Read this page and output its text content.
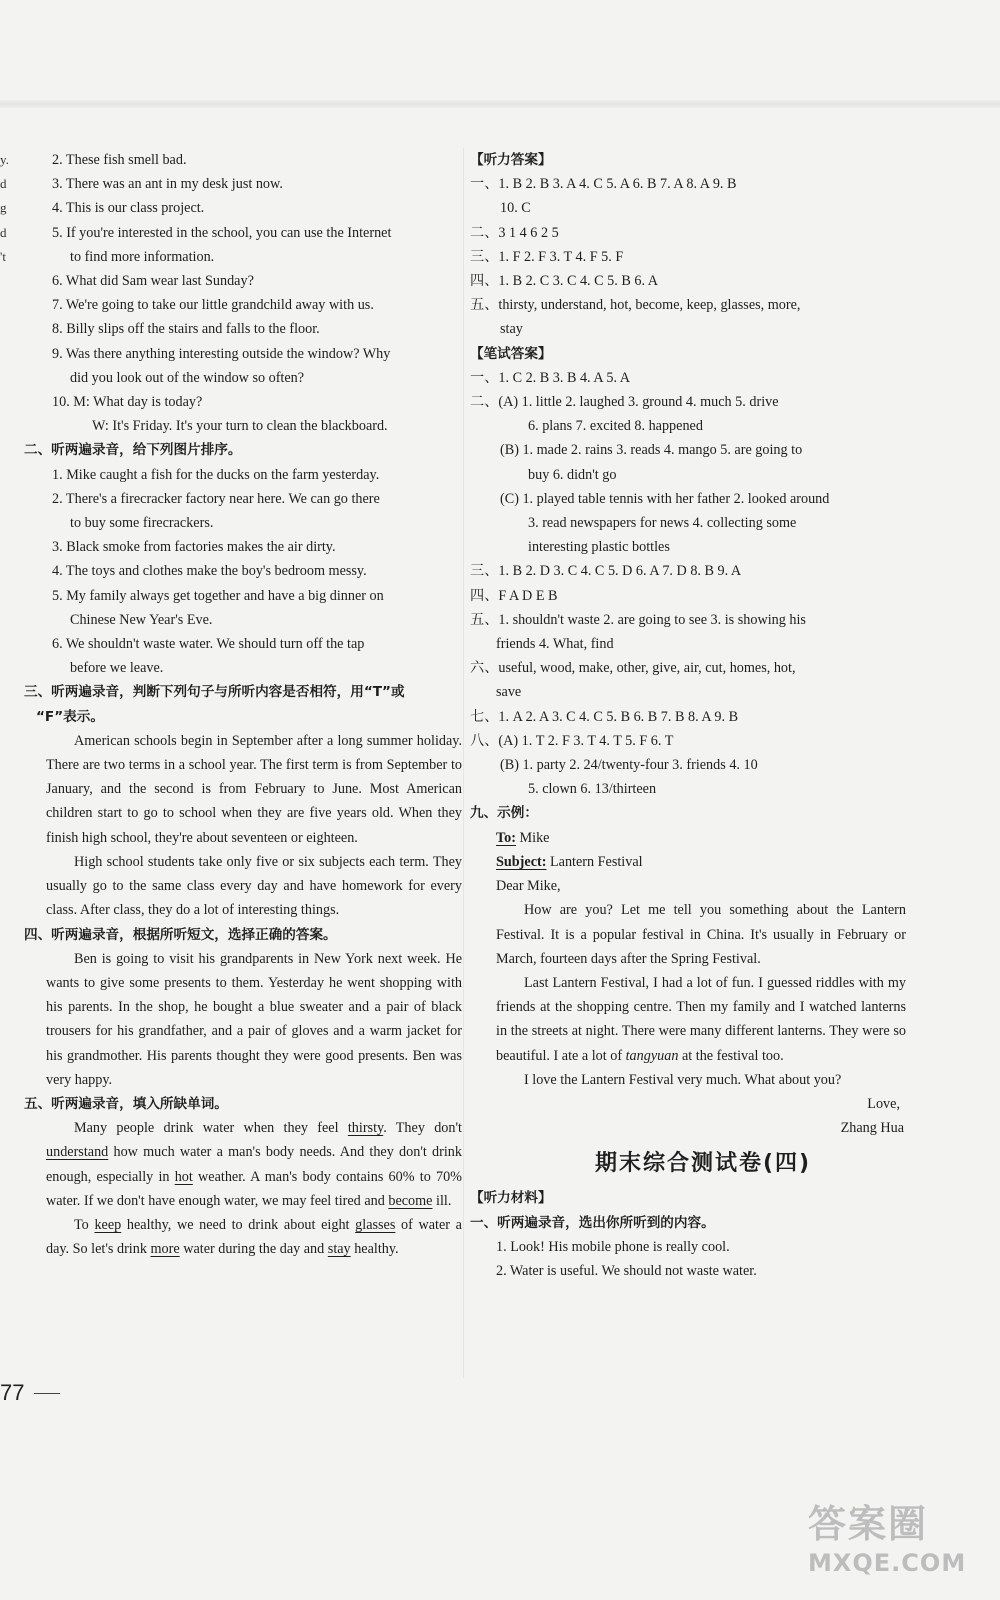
y.
d
g
d
't
2. These fish smell bad.
3. There was an ant in my desk just now.
4. This is our class project.
5. If you're interested in the school, you can use the Internet
to find more information.
6. What did Sam wear last Sunday?
7. We're going to take our little grandchild away with us.
8. Billy slips off the stairs and falls to the floor.
9. Was there anything interesting outside the window? Why
did you look out of the window so often?
10. M: What day is today?
W: It's Friday. It's your turn to clean the blackboard.
二、听两遍录音，给下列图片排序。
1. Mike caught a fish for the ducks on the farm yesterday.
2. There's a firecracker factory near here. We can go there
to buy some firecrackers.
3. Black smoke from factories makes the air dirty.
4. The toys and clothes make the boy's bedroom messy.
5. My family always get together and have a big dinner on
Chinese New Year's Eve.
6. We shouldn't waste water. We should turn off the tap
before we leave.
三、听两遍录音，判断下列句子与所听内容是否相符，用“T”或
“F”表示。
American schools begin in September after a long summer holiday. There are two terms in a school year. The first term is from September to January, and the second is from February to June. Most American children start to go to school when they are five years old. When they finish high school, they're about seventeen or eighteen.
High school students take only five or six subjects each term. They usually go to the same class every day and have homework for every class. After class, they do a lot of interesting things.
四、听两遍录音，根据所听短文，选择正确的答案。
Ben is going to visit his grandparents in New York next week. He wants to give some presents to them. Yesterday he went shopping with his parents. In the shop, he bought a blue sweater and a pair of black trousers for his grandfather, and a pair of gloves and a warm jacket for his grandmother. His parents thought they were good presents. Ben was very happy.
五、听两遍录音，填入所缺单词。
Many people drink water when they feel thirsty. They don't understand how much water a man's body needs. And they don't drink enough, especially in hot weather. A man's body contains 60% to 70% water. If we don't have enough water, we may feel tired and become ill.
To keep healthy, we need to drink about eight glasses of water a day. So let's drink more water during the day and stay healthy.
77
【听力答案】
一、1. B 2. B 3. A 4. C 5. A 6. B 7. A 8. A 9. B
10. C
二、3 1 4 6 2 5
三、1. F 2. F 3. T 4. F 5. F
四、1. B 2. C 3. C 4. C 5. B 6. A
五、thirsty, understand, hot, become, keep, glasses, more,
stay
【笔试答案】
一、1. C 2. B 3. B 4. A 5. A
二、(A) 1. little 2. laughed 3. ground 4. much 5. drive
6. plans 7. excited 8. happened
(B) 1. made 2. rains 3. reads 4. mango 5. are going to
buy 6. didn't go
(C) 1. played table tennis with her father 2. looked around
3. read newspapers for news 4. collecting some
interesting plastic bottles
三、1. B 2. D 3. C 4. C 5. D 6. A 7. D 8. B 9. A
四、F A D E B
五、1. shouldn't waste 2. are going to see 3. is showing his
friends 4. What, find
六、useful, wood, make, other, give, air, cut, homes, hot,
save
七、1. A 2. A 3. C 4. C 5. B 6. B 7. B 8. A 9. B
八、(A) 1. T 2. F 3. T 4. T 5. F 6. T
(B) 1. party 2. 24/twenty-four 3. friends 4. 10
5. clown 6. 13/thirteen
九、示例：
To: Mike
Subject: Lantern Festival
Dear Mike,
How are you? Let me tell you something about the Lantern Festival. It is a popular festival in China. It's usually in February or March, fourteen days after the Spring Festival.
Last Lantern Festival, I had a lot of fun. I guessed riddles with my friends at the shopping centre. Then my family and I watched lanterns in the streets at night. There were many different lanterns. They were so beautiful. I ate a lot of tangyuan at the festival too.
I love the Lantern Festival very much. What about you?
Love,
Zhang Hua
期末综合测试卷(四)
【听力材料】
一、听两遍录音，选出你所听到的内容。
1. Look! His mobile phone is really cool.
2. Water is useful. We should not waste water.
答案圈
MXQE.COM
